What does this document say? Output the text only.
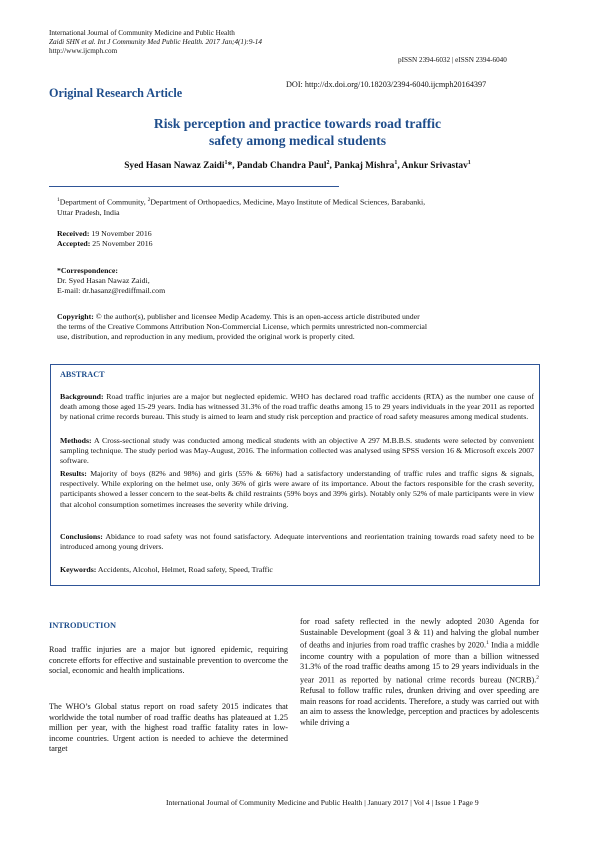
International Journal of Community Medicine and Public Health
Zaidi SHN et al. Int J Community Med Public Health. 2017 Jan;4(1):9-14
http://www.ijcmph.com
pISSN 2394-6032 | eISSN 2394-6040
DOI: http://dx.doi.org/10.18203/2394-6040.ijcmph20164397
Original Research Article
Risk perception and practice towards road traffic
safety among medical students
Syed Hasan Nawaz Zaidi$^1$*, Pandab Chandra Paul$^2$, Pankaj Mishra$^1$, Ankur Srivastav$^1$
$^1$Department of Community, $^2$Department of Orthopaedics, Medicine, Mayo Institute of Medical Sciences, Barabanki,
Uttar Pradesh, India
Received: 19 November 2016
Accepted: 25 November 2016
*Correspondence:
Dr. Syed Hasan Nawaz Zaidi,
E-mail: dr.hasanz@rediffmail.com
Copyright: © the author(s), publisher and licensee Medip Academy. This is an open-access article distributed under
the terms of the Creative Commons Attribution Non-Commercial License, which permits unrestricted non-commercial
use, distribution, and reproduction in any medium, provided the original work is properly cited.
ABSTRACT
Background: Road traffic injuries are a major but neglected epidemic. WHO has declared road traffic accidents (RTA) as the number one cause of death among those aged 15-29 years. India has witnessed 31.3% of the road traffic deaths among 15 to 29 years individuals in the year 2011 as reported by national crime records bureau. This study is aimed to learn and study risk perception and practice of road safety measures among medical students.
Methods: A Cross-sectional study was conducted among medical students with an objective A 297 M.B.B.S. students were selected by convenient sampling technique. The study period was May-August, 2016. The information collected was analysed using SPSS version 16 & Microsoft excels 2007 software.
Results: Majority of boys (82% and 98%) and girls (55% & 66%) had a satisfactory understanding of traffic rules and traffic signs & signals, respectively. While exploring on the helmet use, only 36% of girls were aware of its importance. About the factors responsible for the crash severity, participants showed a lesser concern to the seat-belts & child restraints (59% boys and 39% girls). Notably only 52% of male participants were in view that alcohol consumption sometimes increases the severity while driving.
Conclusions: Abidance to road safety was not found satisfactory. Adequate interventions and reorientation training towards road safety need to be introduced among young drivers.
Keywords: Accidents, Alcohol, Helmet, Road safety, Speed, Traffic
INTRODUCTION
Road traffic injuries are a major but ignored epidemic, requiring concrete efforts for effective and sustainable prevention to overcome the social, economic and health implications.
The WHO’s Global status report on road safety 2015 indicates that worldwide the total number of road traffic deaths has plateaued at 1.25 million per year, with the highest road traffic fatality rates in low-income countries. Urgent action is needed to achieve the determined target
for road safety reflected in the newly adopted 2030 Agenda for Sustainable Development (goal 3 & 11) and halving the global number of deaths and injuries from road traffic crashes by 2020.$^1$ India a middle income country with a population of more than a billion witnessed 31.3% of the road traffic deaths among 15 to 29 years individuals in the year 2011 as reported by national crime records bureau (NCRB).$^2$ Refusal to follow traffic rules, drunken driving and over speeding are main reasons for road accidents. Therefore, a study was carried out with an aim to assess the knowledge, perception and practices by adolescents while driving a
International Journal of Community Medicine and Public Health | January 2017 | Vol 4 | Issue 1 Page 9
